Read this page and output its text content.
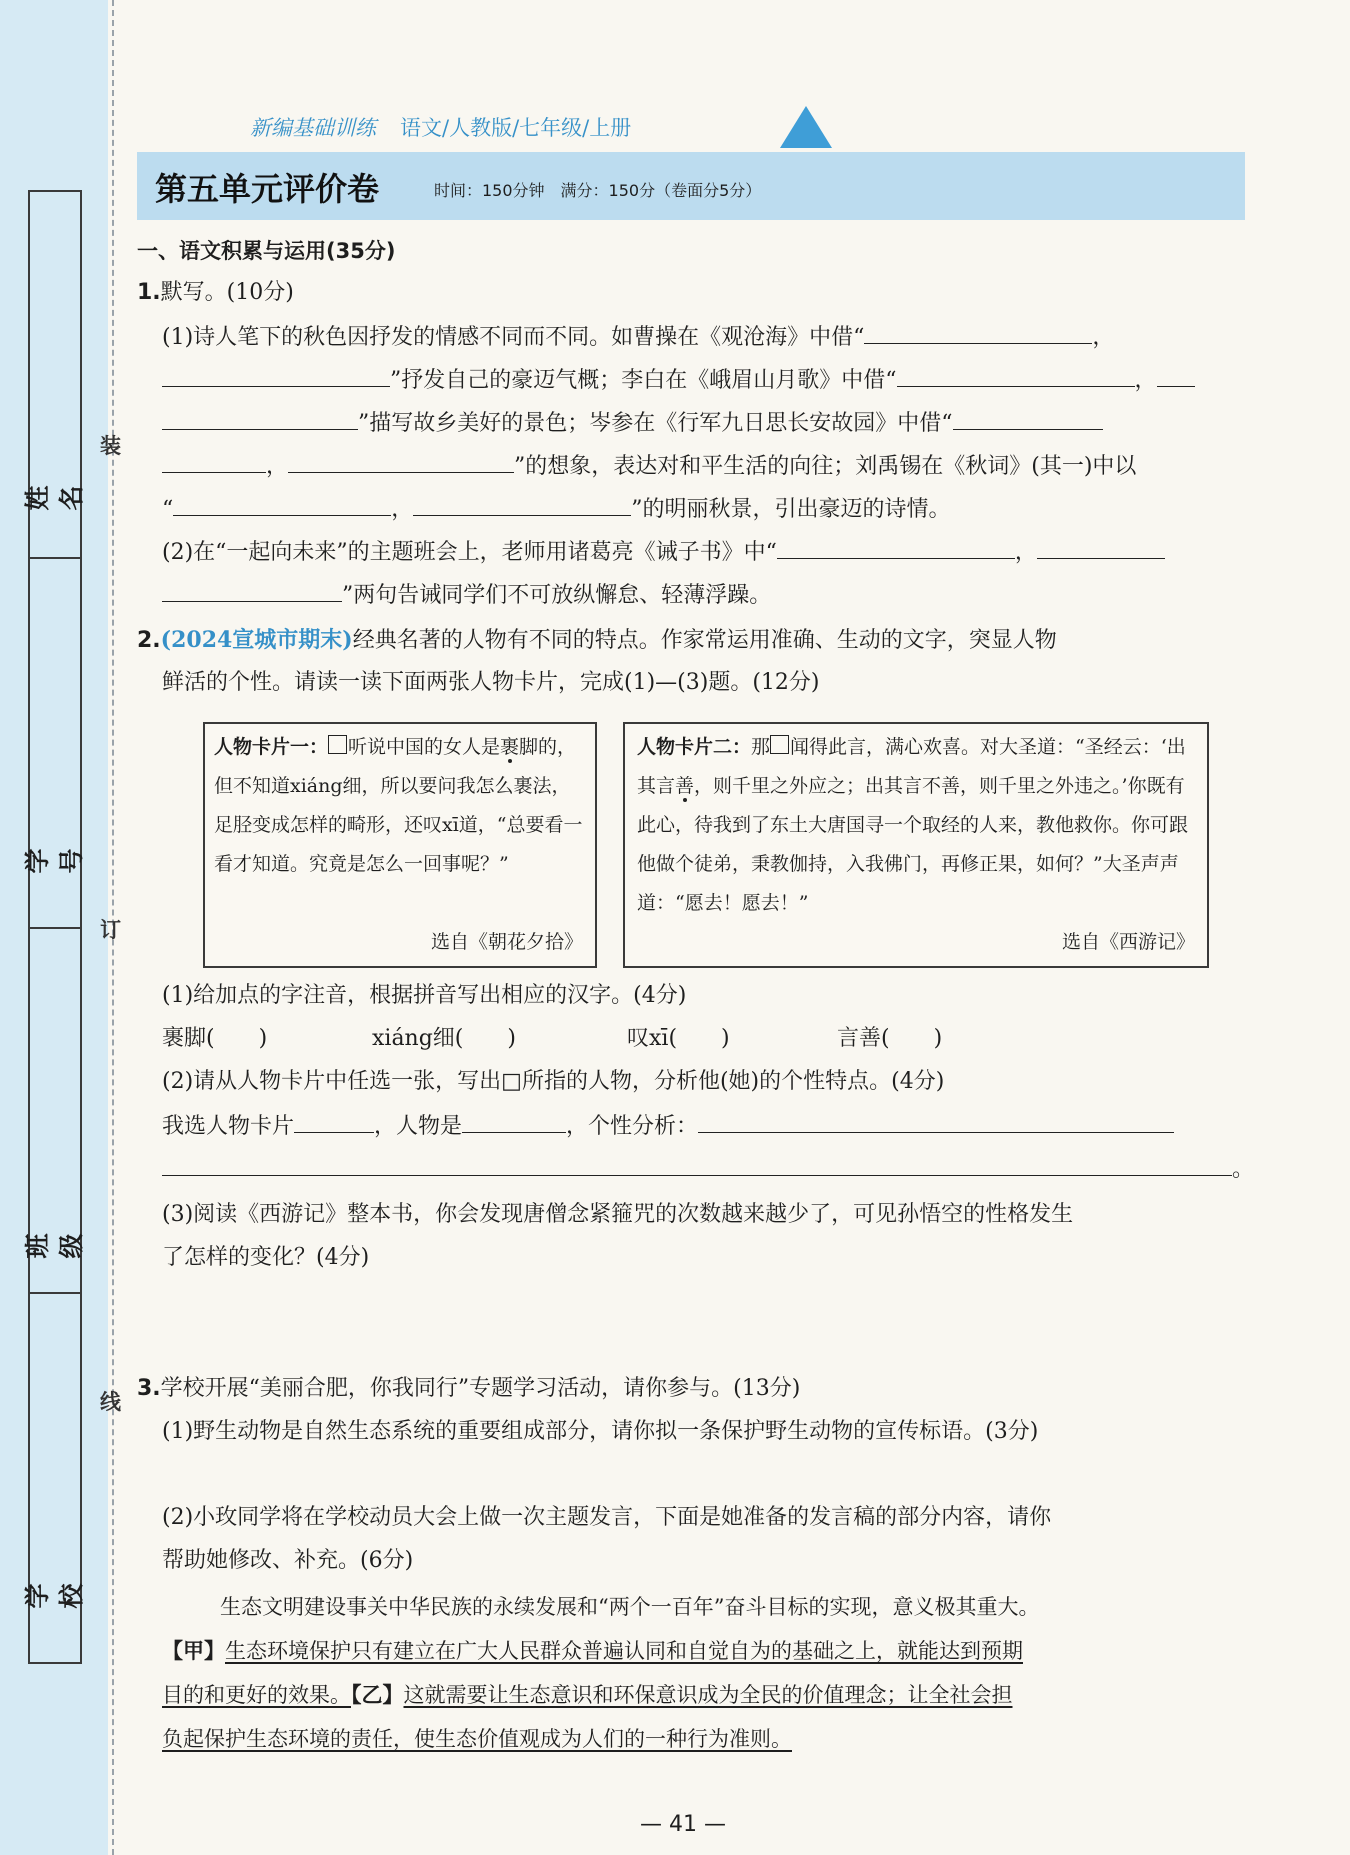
装
订
线
姓名
学号
班级
学校
新编基础训练 语文/人教版/七年级/上册
第五单元评价卷	时间：150分钟　满分：150分（卷面分5分）
一、语文积累与运用(35分)
1.默写。(10分)
(1)诗人笔下的秋色因抒发的情感不同而不同。如曹操在《观沧海》中借“	，
”抒发自己的豪迈气概；李白在《峨眉山月歌》中借“	，
”描写故乡美好的景色；岑参在《行军九日思长安故园》中借“
，	”的想象，表达对和平生活的向往；刘禹锡在《秋词》(其一)中以
“	，	”的明丽秋景，引出豪迈的诗情。
(2)在“一起向未来”的主题班会上，老师用诸葛亮《诫子书》中“	，
”两句告诫同学们不可放纵懈怠、轻薄浮躁。
2.(2024宣城市期末)经典名著的人物有不同的特点。作家常运用准确、生动的文字，突显人物
鲜活的个性。请读一读下面两张人物卡片，完成(1)—(3)题。(12分)
人物卡片一： 听说中国的女人是裹脚的，但不知道xiáng细，所以要问我怎么裹法，足胫变成怎样的畸形，还叹xī道，“总要看一看才知道。究竟是怎么一回事呢？”
选自《朝花夕拾》
人物卡片二：那 闻得此言，满心欢喜。对大圣道：“圣经云：‘出其言善，则千里之外应之；出其言不善，则千里之外违之。’你既有此心，待我到了东土大唐国寻一个取经的人来，教他救你。你可跟他做个徒弟，秉教伽持，入我佛门，再修正果，如何？”大圣声声道：“愿去！愿去！”
选自《西游记》
(1)给加点的字注音，根据拼音写出相应的汉字。(4分)
裹脚(　　)	xiáng细(　　)	叹xī(　　)	言善(　　)
(2)请从人物卡片中任选一张，写出□所指的人物，分析他(她)的个性特点。(4分)
我选人物卡片	，人物是	，个性分析：
。
(3)阅读《西游记》整本书，你会发现唐僧念紧箍咒的次数越来越少了，可见孙悟空的性格发生
了怎样的变化？(4分)
3.学校开展“美丽合肥，你我同行”专题学习活动，请你参与。(13分)
(1)野生动物是自然生态系统的重要组成部分，请你拟一条保护野生动物的宣传标语。(3分)
(2)小玫同学将在学校动员大会上做一次主题发言，下面是她准备的发言稿的部分内容，请你
帮助她修改、补充。(6分)
生态文明建设事关中华民族的永续发展和“两个一百年”奋斗目标的实现，意义极其重大。
【甲】生态环境保护只有建立在广大人民群众普遍认同和自觉自为的基础之上，就能达到预期
目的和更好的效果。【乙】这就需要让生态意识和环保意识成为全民的价值理念；让全社会担
负起保护生态环境的责任，使生态价值观成为人们的一种行为准则。
— 41 —
